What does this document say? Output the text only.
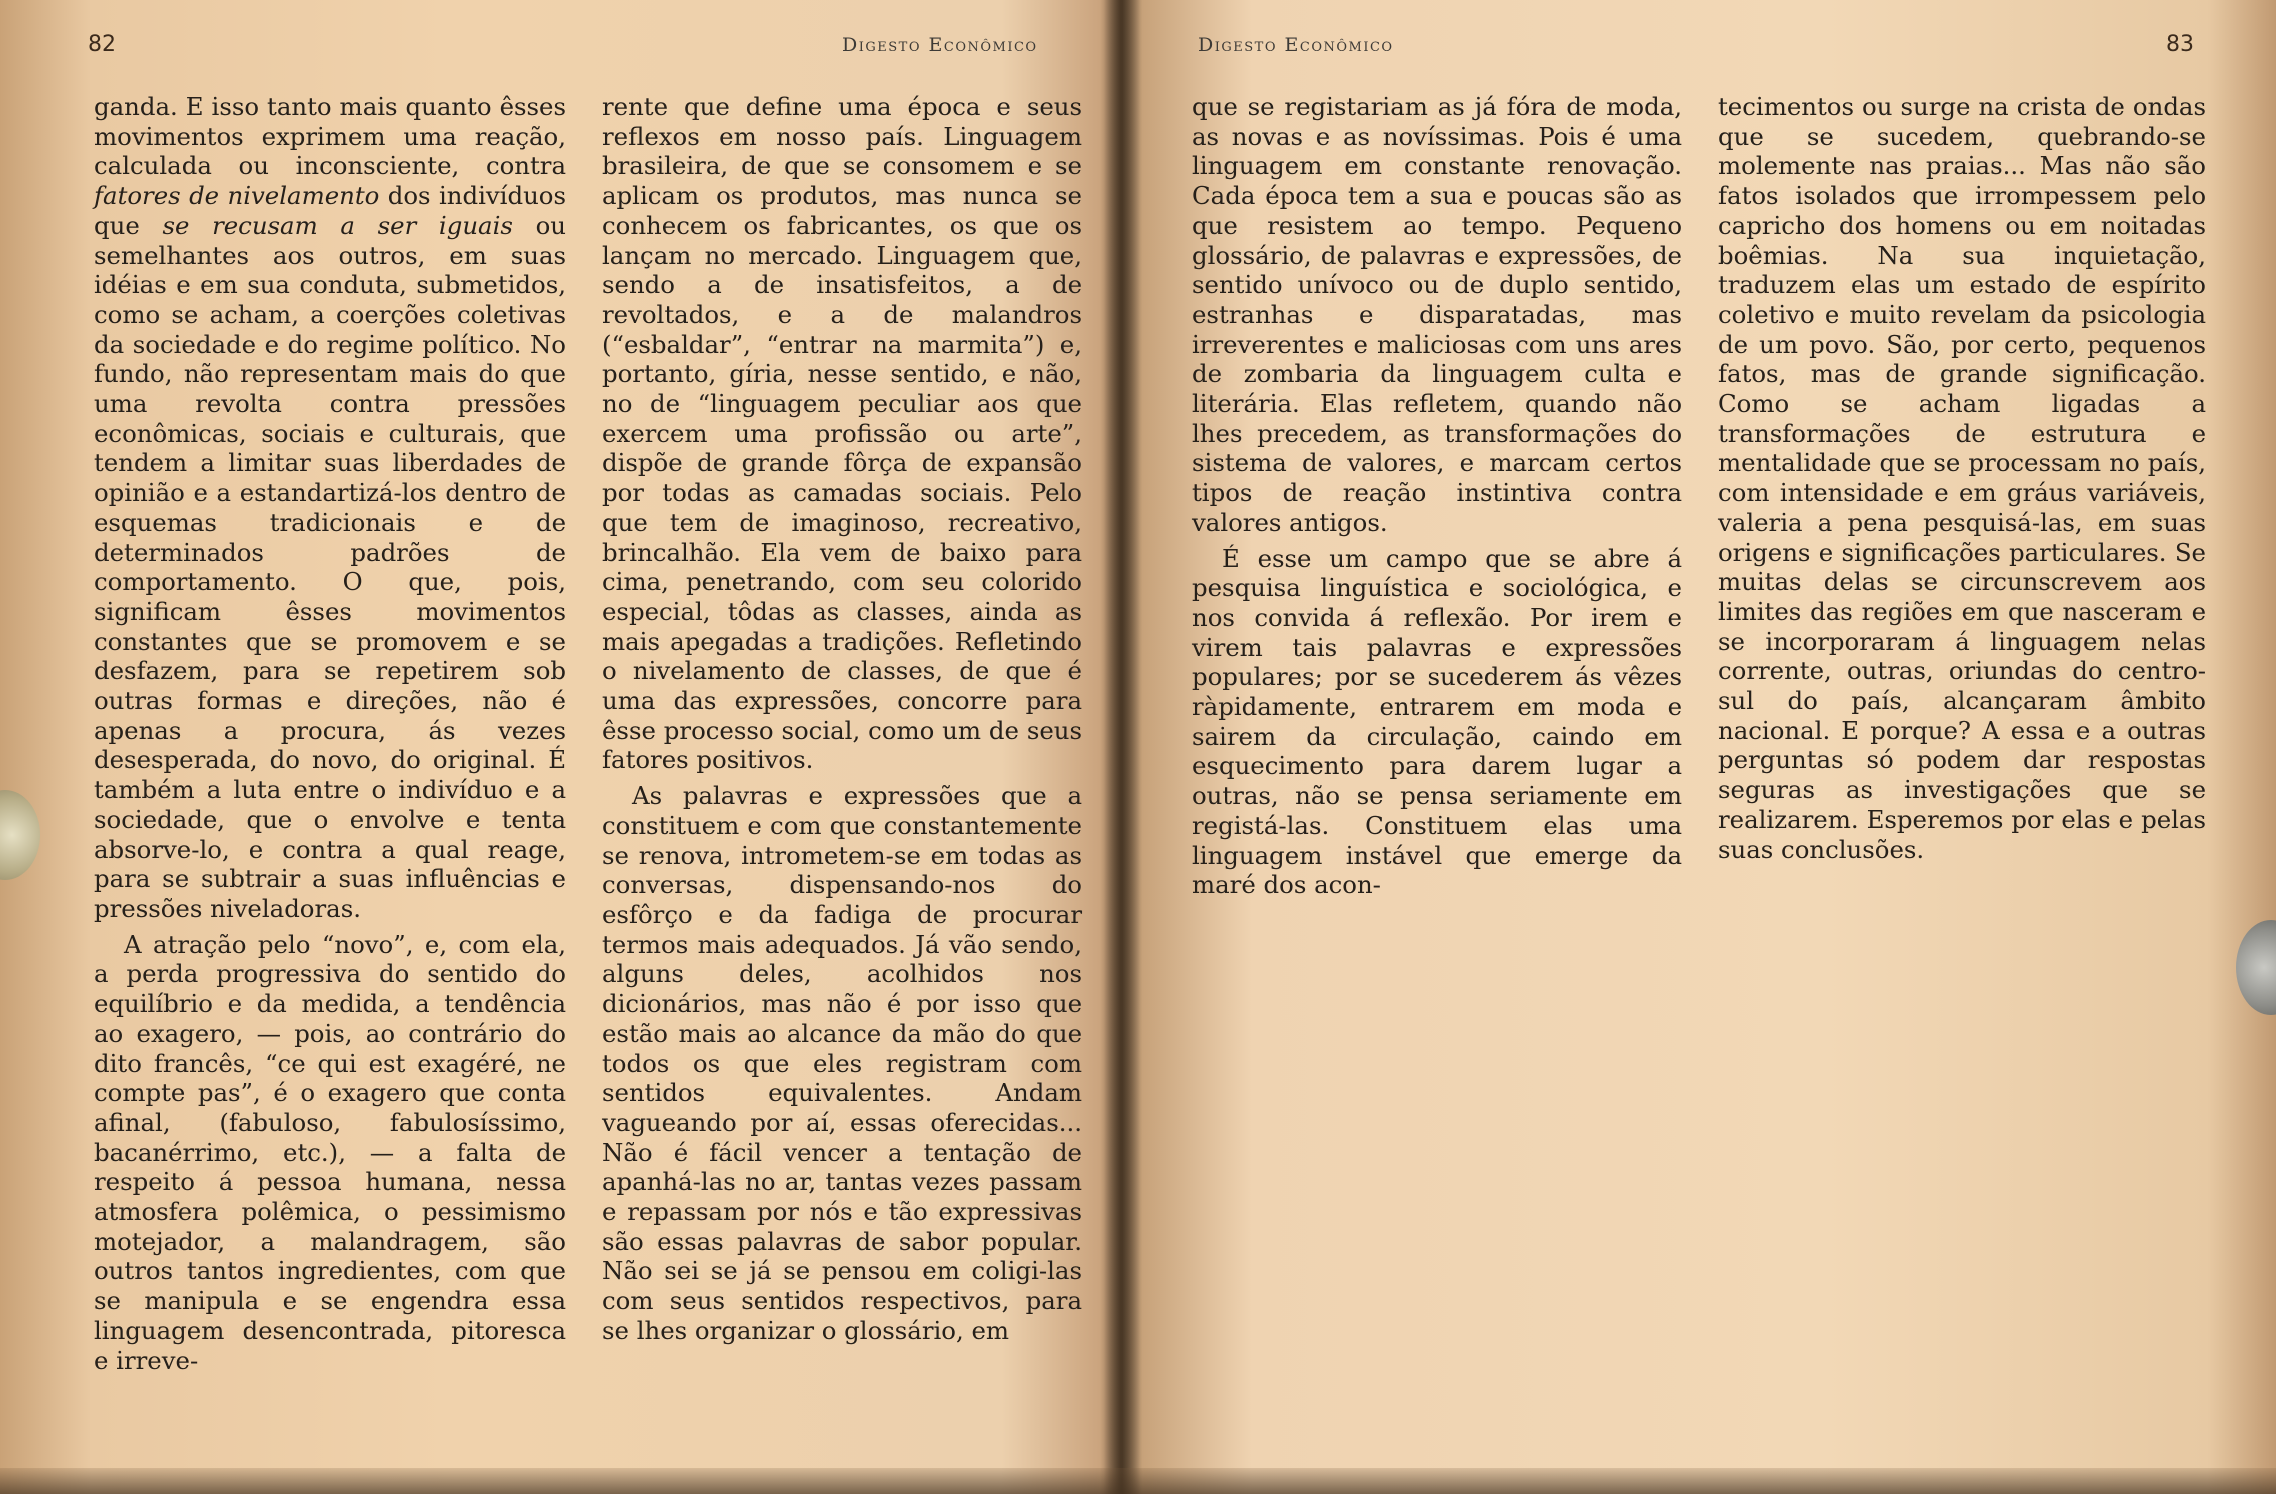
82	Digesto Econômico

ganda. E isso tanto mais quanto êsses movimentos exprimem uma reação, calculada ou inconsciente, contra fatores de nivelamento dos indivíduos que se recusam a ser iguais ou semelhantes aos outros, em suas idéias e em sua conduta, submetidos, como se acham, a coerções coletivas da sociedade e do regime político. No fundo, não representam mais do que uma revolta contra pressões econômicas, sociais e culturais, que tendem a limitar suas liberdades de opinião e a estandartizá-los dentro de esquemas tradicionais e de determinados padrões de comportamento. O que, pois, significam êsses movimentos constantes que se promovem e se desfazem, para se repetirem sob outras formas e direções, não é apenas a procura, ás vezes desesperada, do novo, do original. É também a luta entre o indivíduo e a sociedade, que o envolve e tenta absorve-lo, e contra a qual reage, para se subtrair a suas influências e pressões niveladoras.

A atração pelo “novo”, e, com ela, a perda progressiva do sentido do equilíbrio e da medida, a tendência ao exagero, — pois, ao contrário do dito francês, “ce qui est exagéré, ne compte pas”, é o exagero que conta afinal, (fabuloso, fabulosíssimo, bacanérrimo, etc.), — a falta de respeito á pessoa humana, nessa atmosfera polêmica, o pessimismo motejador, a malandragem, são outros tantos ingredientes, com que se manipula e se engendra essa linguagem desencontrada, pitoresca e irreve-

rente que define uma época e seus reflexos em nosso país. Linguagem brasileira, de que se consomem e se aplicam os produtos, mas nunca se conhecem os fabricantes, os que os lançam no mercado. Linguagem que, sendo a de insatisfeitos, a de revoltados, e a de malandros (“esbaldar”, “entrar na marmita”) e, portanto, gíria, nesse sentido, e não, no de “linguagem peculiar aos que exercem uma profissão ou arte”, dispõe de grande fôrça de expansão por todas as camadas sociais. Pelo que tem de imaginoso, recreativo, brincalhão. Ela vem de baixo para cima, penetrando, com seu colorido especial, tôdas as classes, ainda as mais apegadas a tradições. Refletindo o nivelamento de classes, de que é uma das expressões, concorre para êsse processo social, como um de seus fatores positivos.

As palavras e expressões que a constituem e com que constantemente se renova, intrometem-se em todas as conversas, dispensando-nos do esfôrço e da fadiga de procurar termos mais adequados. Já vão sendo, alguns deles, acolhidos nos dicionários, mas não é por isso que estão mais ao alcance da mão do que todos os que eles registram com sentidos equivalentes. Andam vagueando por aí, essas oferecidas... Não é fácil vencer a tentação de apanhá-las no ar, tantas vezes passam e repassam por nós e tão expressivas são essas palavras de sabor popular. Não sei se já se pensou em coligi-las com seus sentidos respectivos, para se lhes organizar o glossário, em

Digesto Econômico	83

que se registariam as já fóra de moda, as novas e as novíssimas. Pois é uma linguagem em constante renovação. Cada época tem a sua e poucas são as que resistem ao tempo. Pequeno glossário, de palavras e expressões, de sentido unívoco ou de duplo sentido, estranhas e disparatadas, mas irreverentes e maliciosas com uns ares de zombaria da linguagem culta e literária. Elas refletem, quando não lhes precedem, as transformações do sistema de valores, e marcam certos tipos de reação instintiva contra valores antigos.

É esse um campo que se abre á pesquisa linguística e sociológica, e nos convida á reflexão. Por irem e virem tais palavras e expressões populares; por se sucederem ás vêzes ràpidamente, entrarem em moda e sairem da circulação, caindo em esquecimento para darem lugar a outras, não se pensa seriamente em registá-las. Constituem elas uma linguagem instável que emerge da maré dos acon-

tecimentos ou surge na crista de ondas que se sucedem, quebrando-se molemente nas praias... Mas não são fatos isolados que irrompessem pelo capricho dos homens ou em noitadas boêmias. Na sua inquietação, traduzem elas um estado de espírito coletivo e muito revelam da psicologia de um povo. São, por certo, pequenos fatos, mas de grande significação. Como se acham ligadas a transformações de estrutura e mentalidade que se processam no país, com intensidade e em gráus variáveis, valeria a pena pesquisá-las, em suas origens e significações particulares. Se muitas delas se circunscrevem aos limites das regiões em que nasceram e se incorporaram á linguagem nelas corrente, outras, oriundas do centro-sul do país, alcançaram âmbito nacional. E porque? A essa e a outras perguntas só podem dar respostas seguras as investigações que se realizarem. Esperemos por elas e pelas suas conclusões.
